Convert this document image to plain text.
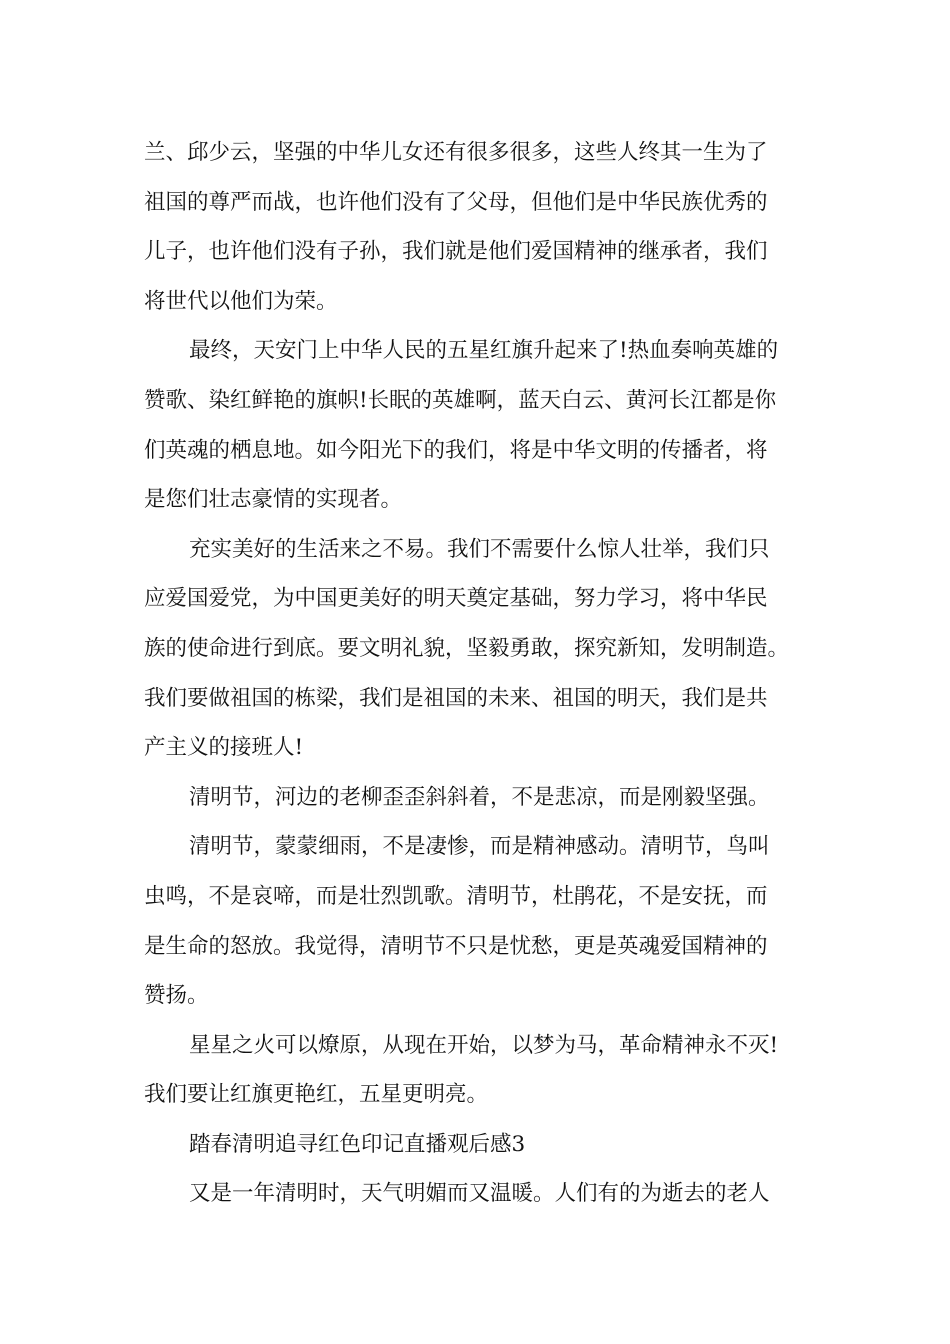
兰、邱少云，坚强的中华儿女还有很多很多，这些人终其一生为了
祖国的尊严而战，也许他们没有了父母，但他们是中华民族优秀的
儿子，也许他们没有子孙，我们就是他们爱国精神的继承者，我们
将世代以他们为荣。
最终，天安门上中华人民的五星红旗升起来了!热血奏响英雄的
赞歌、染红鲜艳的旗帜!长眠的英雄啊，蓝天白云、黄河长江都是你
们英魂的栖息地。如今阳光下的我们，将是中华文明的传播者，将
是您们壮志豪情的实现者。
充实美好的生活来之不易。我们不需要什么惊人壮举，我们只
应爱国爱党，为中国更美好的明天奠定基础，努力学习，将中华民
族的使命进行到底。要文明礼貌，坚毅勇敢，探究新知，发明制造。
我们要做祖国的栋梁，我们是祖国的未来、祖国的明天，我们是共
产主义的接班人!
清明节，河边的老柳歪歪斜斜着，不是悲凉，而是刚毅坚强。
清明节，蒙蒙细雨，不是凄惨，而是精神感动。清明节，鸟叫
虫鸣，不是哀啼，而是壮烈凯歌。清明节，杜鹃花，不是安抚，而
是生命的怒放。我觉得，清明节不只是忧愁，更是英魂爱国精神的
赞扬。
星星之火可以燎原，从现在开始，以梦为马，革命精神永不灭!
我们要让红旗更艳红，五星更明亮。
踏春清明追寻红色印记直播观后感3
又是一年清明时，天气明媚而又温暖。人们有的为逝去的老人
